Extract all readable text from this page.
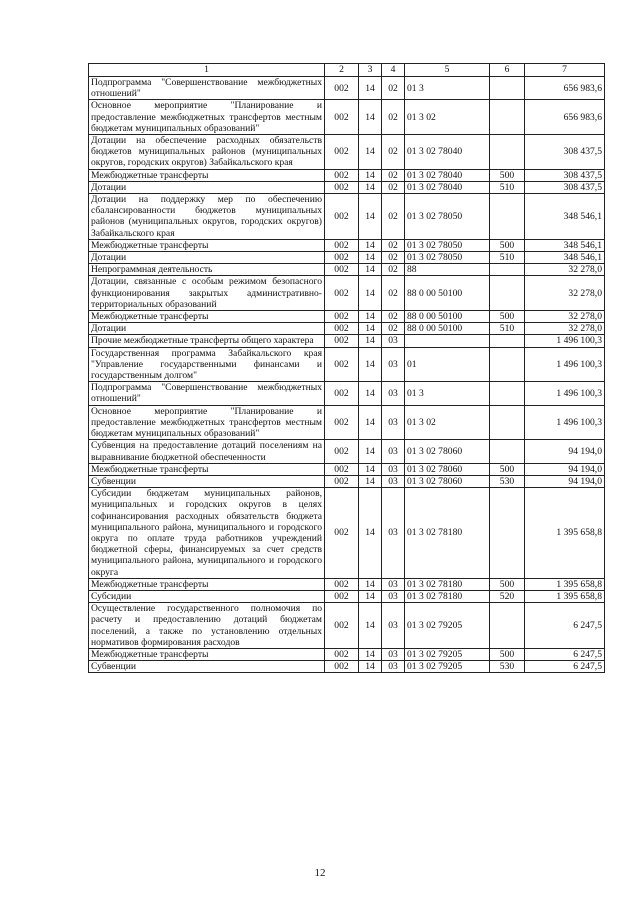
1	2	3	4	5	6	7
Подпрограмма "Совершенствование межбюджетных отношений"	002	14	02	01 3		656 983,6
Основное мероприятие "Планирование и предоставление межбюджетных трансфертов местным бюджетам муниципальных образований"	002	14	02	01 3 02		656 983,6
Дотации на обеспечение расходных обязательств бюджетов муниципальных районов (муниципальных округов, городских округов) Забайкальского края	002	14	02	01 3 02 78040		308 437,5
Межбюджетные трансферты	002	14	02	01 3 02 78040	500	308 437,5
Дотации	002	14	02	01 3 02 78040	510	308 437,5
Дотации на поддержку мер по обеспечению сбалансированности бюджетов муниципальных районов (муниципальных округов, городских округов) Забайкальского края	002	14	02	01 3 02 78050		348 546,1
Межбюджетные трансферты	002	14	02	01 3 02 78050	500	348 546,1
Дотации	002	14	02	01 3 02 78050	510	348 546,1
Непрограммная деятельность	002	14	02	88		32 278,0
Дотации, связанные с особым режимом безопасного функционирования закрытых административно-территориальных образований	002	14	02	88 0 00 50100		32 278,0
Межбюджетные трансферты	002	14	02	88 0 00 50100	500	32 278,0
Дотации	002	14	02	88 0 00 50100	510	32 278,0
Прочие межбюджетные трансферты общего характера	002	14	03			1 496 100,3
Государственная программа Забайкальского края "Управление государственными финансами и государственным долгом"	002	14	03	01		1 496 100,3
Подпрограмма "Совершенствование межбюджетных отношений"	002	14	03	01 3		1 496 100,3
Основное мероприятие "Планирование и предоставление межбюджетных трансфертов местным бюджетам муниципальных образований"	002	14	03	01 3 02		1 496 100,3
Субвенция на предоставление дотаций поселениям на выравнивание бюджетной обеспеченности	002	14	03	01 3 02 78060		94 194,0
Межбюджетные трансферты	002	14	03	01 3 02 78060	500	94 194,0
Субвенции	002	14	03	01 3 02 78060	530	94 194,0
Субсидии бюджетам муниципальных районов, муниципальных и городских округов в целях софинансирования расходных обязательств бюджета муниципального района, муниципального и городского округа по оплате труда работников учреждений бюджетной сферы, финансируемых за счет средств муниципального района, муниципального и городского округа	002	14	03	01 3 02 78180		1 395 658,8
Межбюджетные трансферты	002	14	03	01 3 02 78180	500	1 395 658,8
Субсидии	002	14	03	01 3 02 78180	520	1 395 658,8
Осуществление государственного полномочия по расчету и предоставлению дотаций бюджетам поселений, а также по установлению отдельных нормативов формирования расходов	002	14	03	01 3 02 79205		6 247,5
Межбюджетные трансферты	002	14	03	01 3 02 79205	500	6 247,5
Субвенции	002	14	03	01 3 02 79205	530	6 247,5
12
